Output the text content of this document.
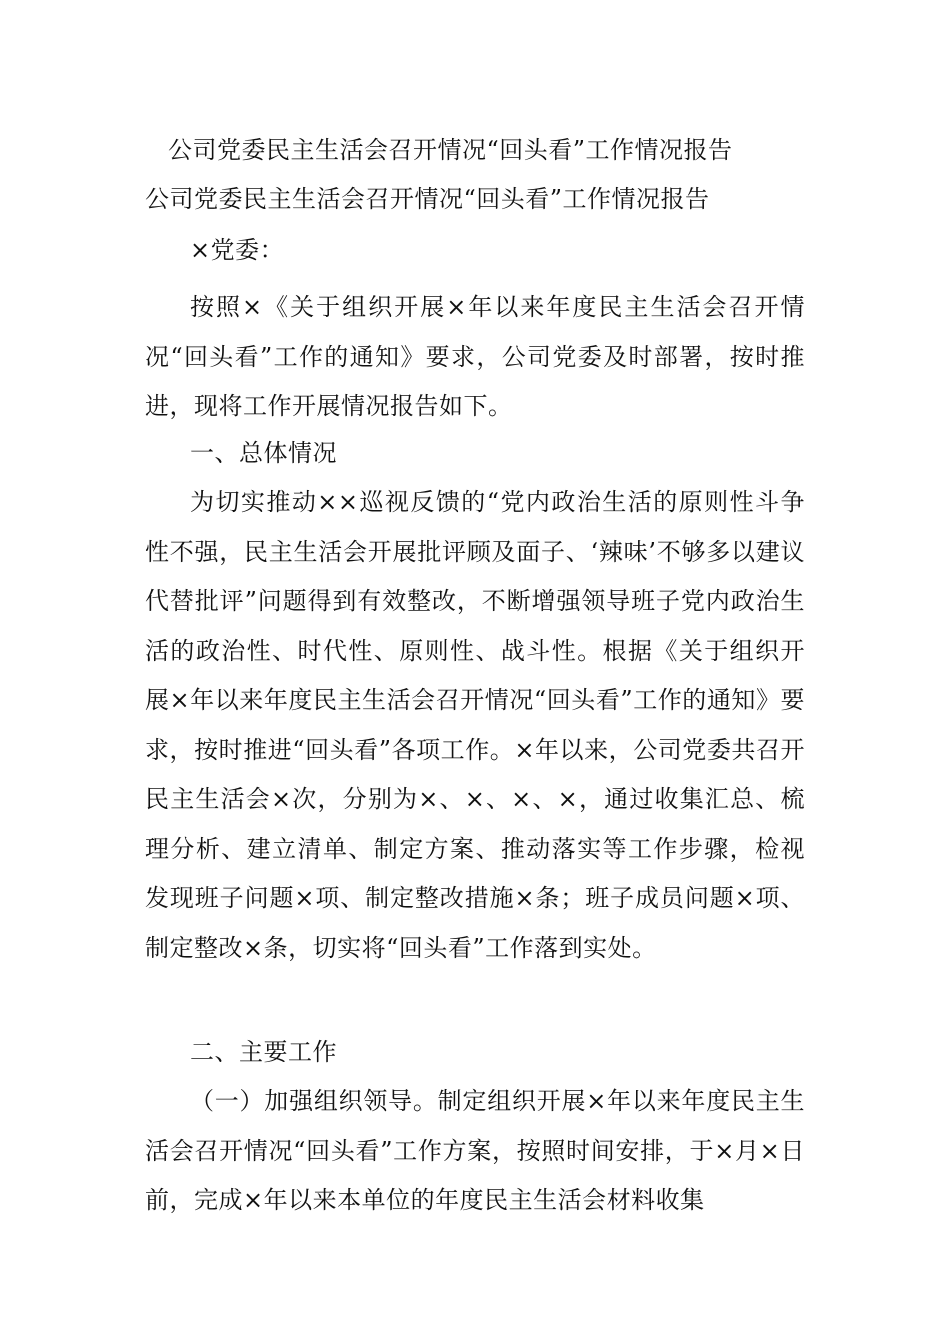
公司党委民主生活会召开情况“回头看”工作情况报告
公司党委民主生活会召开情况“回头看”工作情况报告
×党委：
按照×《关于组织开展×年以来年度民主生活会召开情况“回头看”工作的通知》要求，公司党委及时部署，按时推进，现将工作开展情况报告如下。
一、总体情况
为切实推动××巡视反馈的“党内政治生活的原则性斗争性不强，民主生活会开展批评顾及面子、‘辣味’不够多以建议代替批评”问题得到有效整改，不断增强领导班子党内政治生活的政治性、时代性、原则性、战斗性。根据《关于组织开展×年以来年度民主生活会召开情况“回头看”工作的通知》要求，按时推进“回头看”各项工作。×年以来，公司党委共召开民主生活会×次，分别为×、×、×、×，通过收集汇总、梳理分析、建立清单、制定方案、推动落实等工作步骤，检视发现班子问题×项、制定整改措施×条；班子成员问题×项、制定整改×条，切实将“回头看”工作落到实处。
二、主要工作
（一）加强组织领导。制定组织开展×年以来年度民主生活会召开情况“回头看”工作方案，按照时间安排，于×月×日前，完成×年以来本单位的年度民主生活会材料收集
